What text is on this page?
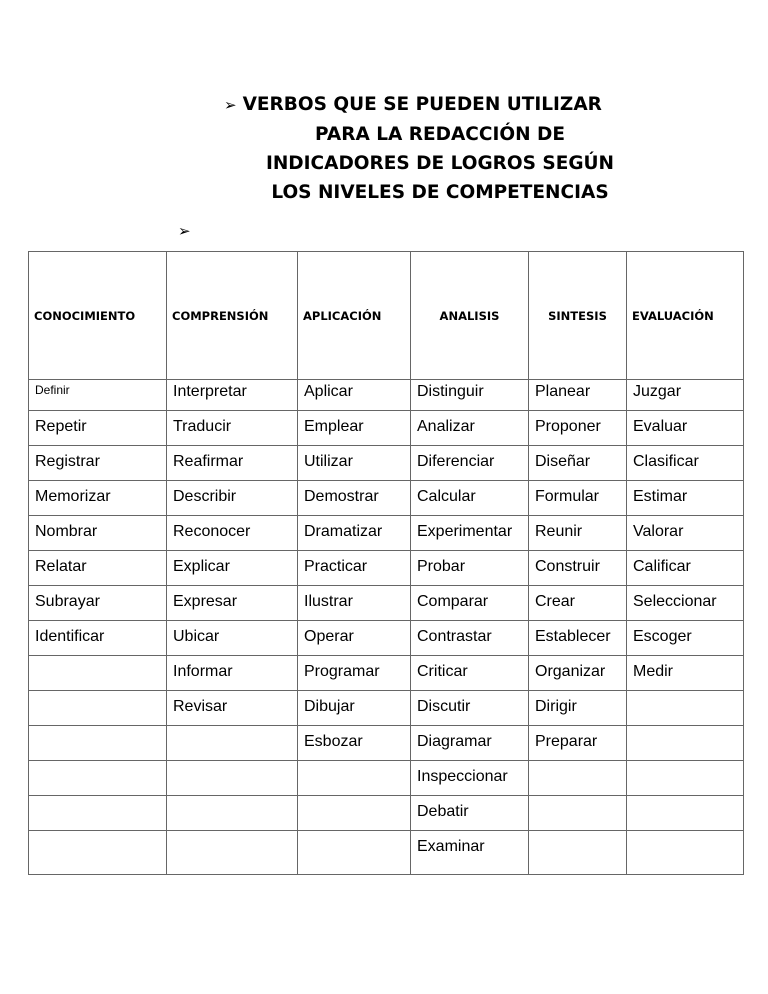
➢ VERBOS QUE SE PUEDEN UTILIZAR
PARA LA REDACCIÓN DE
INDICADORES DE LOGROS SEGÚN
LOS NIVELES DE COMPETENCIAS
➢
CONOCIMIENTO	COMPRENSIÓN	APLICACIÓN	ANALISIS	SINTESIS	EVALUACIÓN
Definir	Interpretar	Aplicar	Distinguir	Planear	Juzgar
Repetir	Traducir	Emplear	Analizar	Proponer	Evaluar
Registrar	Reafirmar	Utilizar	Diferenciar	Diseñar	Clasificar
Memorizar	Describir	Demostrar	Calcular	Formular	Estimar
Nombrar	Reconocer	Dramatizar	Experimentar	Reunir	Valorar
Relatar	Explicar	Practicar	Probar	Construir	Calificar
Subrayar	Expresar	Ilustrar	Comparar	Crear	Seleccionar
Identificar	Ubicar	Operar	Contrastar	Establecer	Escoger
	Informar	Programar	Criticar	Organizar	Medir
	Revisar	Dibujar	Discutir	Dirigir	
		Esbozar	Diagramar	Preparar	
			Inspeccionar		
			Debatir		
			Examinar		
